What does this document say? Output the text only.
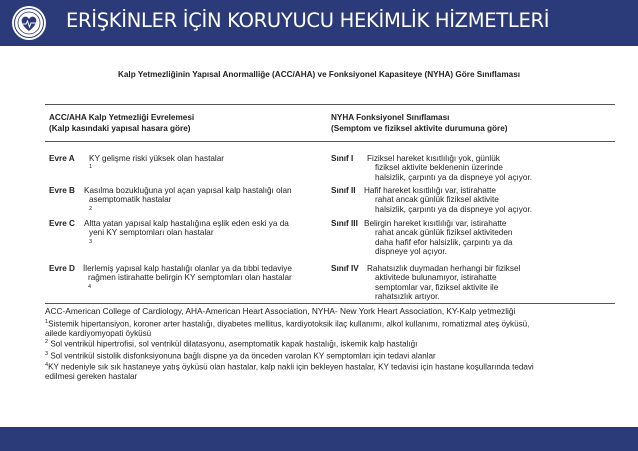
ERİŞKİNLER İÇİN KORUYUCU HEKİMLİK HİZMETLERİ
Kalp Yetmezliğinin Yapısal Anormalliğe (ACC/AHA) ve Fonksiyonel Kapasiteye (NYHA) Göre Sınıflaması
ACC/AHA Kalp Yetmezliği Evrelemesi
(Kalp kasındaki yapısal hasara göre)
NYHA Fonksiyonel Sınıflaması
(Semptom ve fiziksel aktivite durumuna göre)
Evre A KY gelişme riski yüksek olan hastalar
1
Sınıf I Fiziksel hareket kısıtlılığı yok, günlük
fiziksel aktivite beklenenin üzerinde
halsizlik, çarpıntı ya da dispneye yol açıyor.
Evre B Kasılma bozukluğuna yol açan yapısal kalp hastalığı olan
asemptomatik hastalar
2
Sınıf II Hafif hareket kısıtlılığı var, istirahatte
rahat ancak günlük fiziksel aktivite
halsizlik, çarpıntı ya da dispneye yol açıyor.
Evre C Altta yatan yapısal kalp hastalığına eşlik eden eski ya da
yeni KY semptomları olan hastalar
3
Sınıf III Belirgin hareket kısıtlılığı var, istirahatte
rahat ancak günlük fiziksel aktiviteden
daha hafif efor halsizlik, çarpıntı ya da
dispneye yol açıyor.
Evre D İlerlemiş yapısal kalp hastalığı olanlar ya da tıbbi tedaviye
rağmen istirahatte belirgin KY semptomları olan hastalar
4
Sınıf IV Rahatsızlık duymadan herhangi bir fiziksel
aktivitede bulunamıyor, istirahatte
semptomlar var, fiziksel aktivite ile
rahatsızlık artıyor.
ACC-American College of Cardiology, AHA-American Heart Association, NYHA- New York Heart Association, KY-Kalp yetmezliği
$^1$Sistemik hipertansiyon, koroner arter hastalığı, diyabetes mellitus, kardiyotoksik ilaç kullanımı, alkol kullanımı, romatizmal ateş öyküsü,
ailede kardiyomyopati öyküsü
$^2$ Sol ventrikül hipertrofisi, sol ventrikül dilatasyonu, asemptomatik kapak hastalığı, iskemik kalp hastalığı
$^3$ Sol ventrikül sistolik disfonksiyonuna bağlı dispne ya da önceden varolan KY semptomları için tedavi alanlar
$^4$KY nedeniyle sık sık hastaneye yatış öyküsü olan hastalar, kalp nakli için bekleyen hastalar, KY tedavisi için hastane koşullarında tedavi
edilmesi gereken hastalar
